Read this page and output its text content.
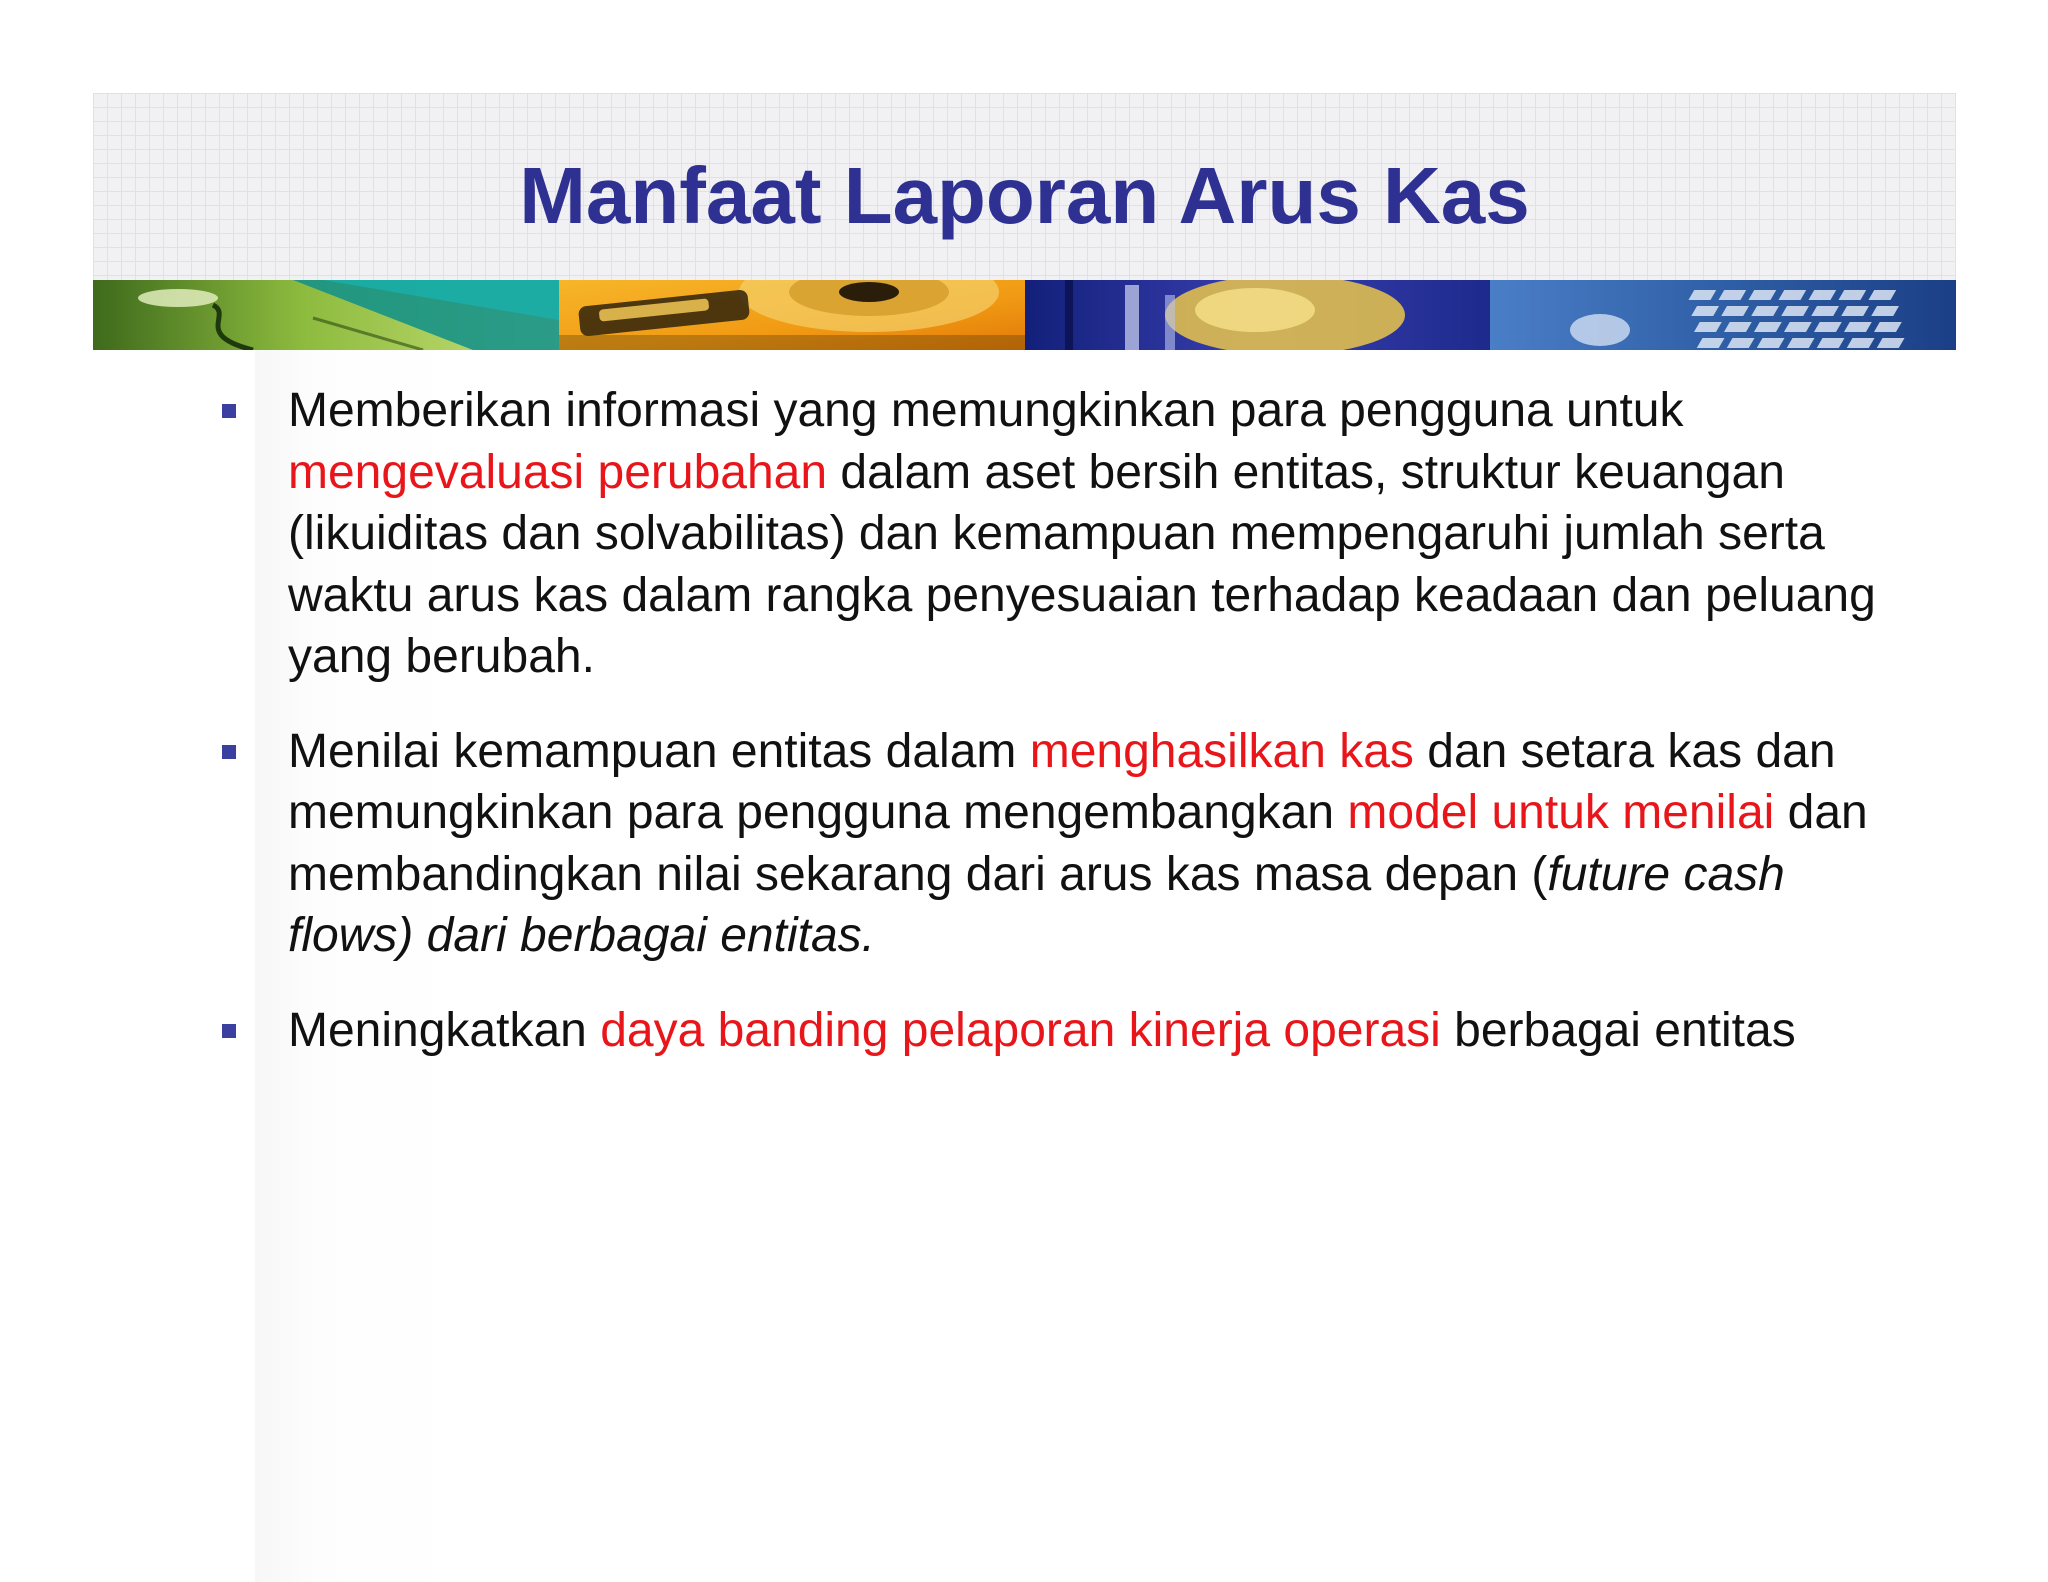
Manfaat Laporan Arus Kas
Memberikan informasi yang memungkinkan para pengguna untuk mengevaluasi perubahan dalam aset bersih entitas, struktur keuangan (likuiditas dan solvabilitas) dan kemampuan mempengaruhi jumlah serta waktu arus kas dalam rangka penyesuaian terhadap keadaan dan peluang yang berubah.
Menilai kemampuan entitas dalam menghasilkan kas dan setara kas dan memungkinkan para pengguna mengembangkan model untuk menilai dan membandingkan nilai sekarang dari arus kas masa depan (future cash flows) dari berbagai entitas.
Meningkatkan daya banding pelaporan kinerja operasi berbagai entitas
